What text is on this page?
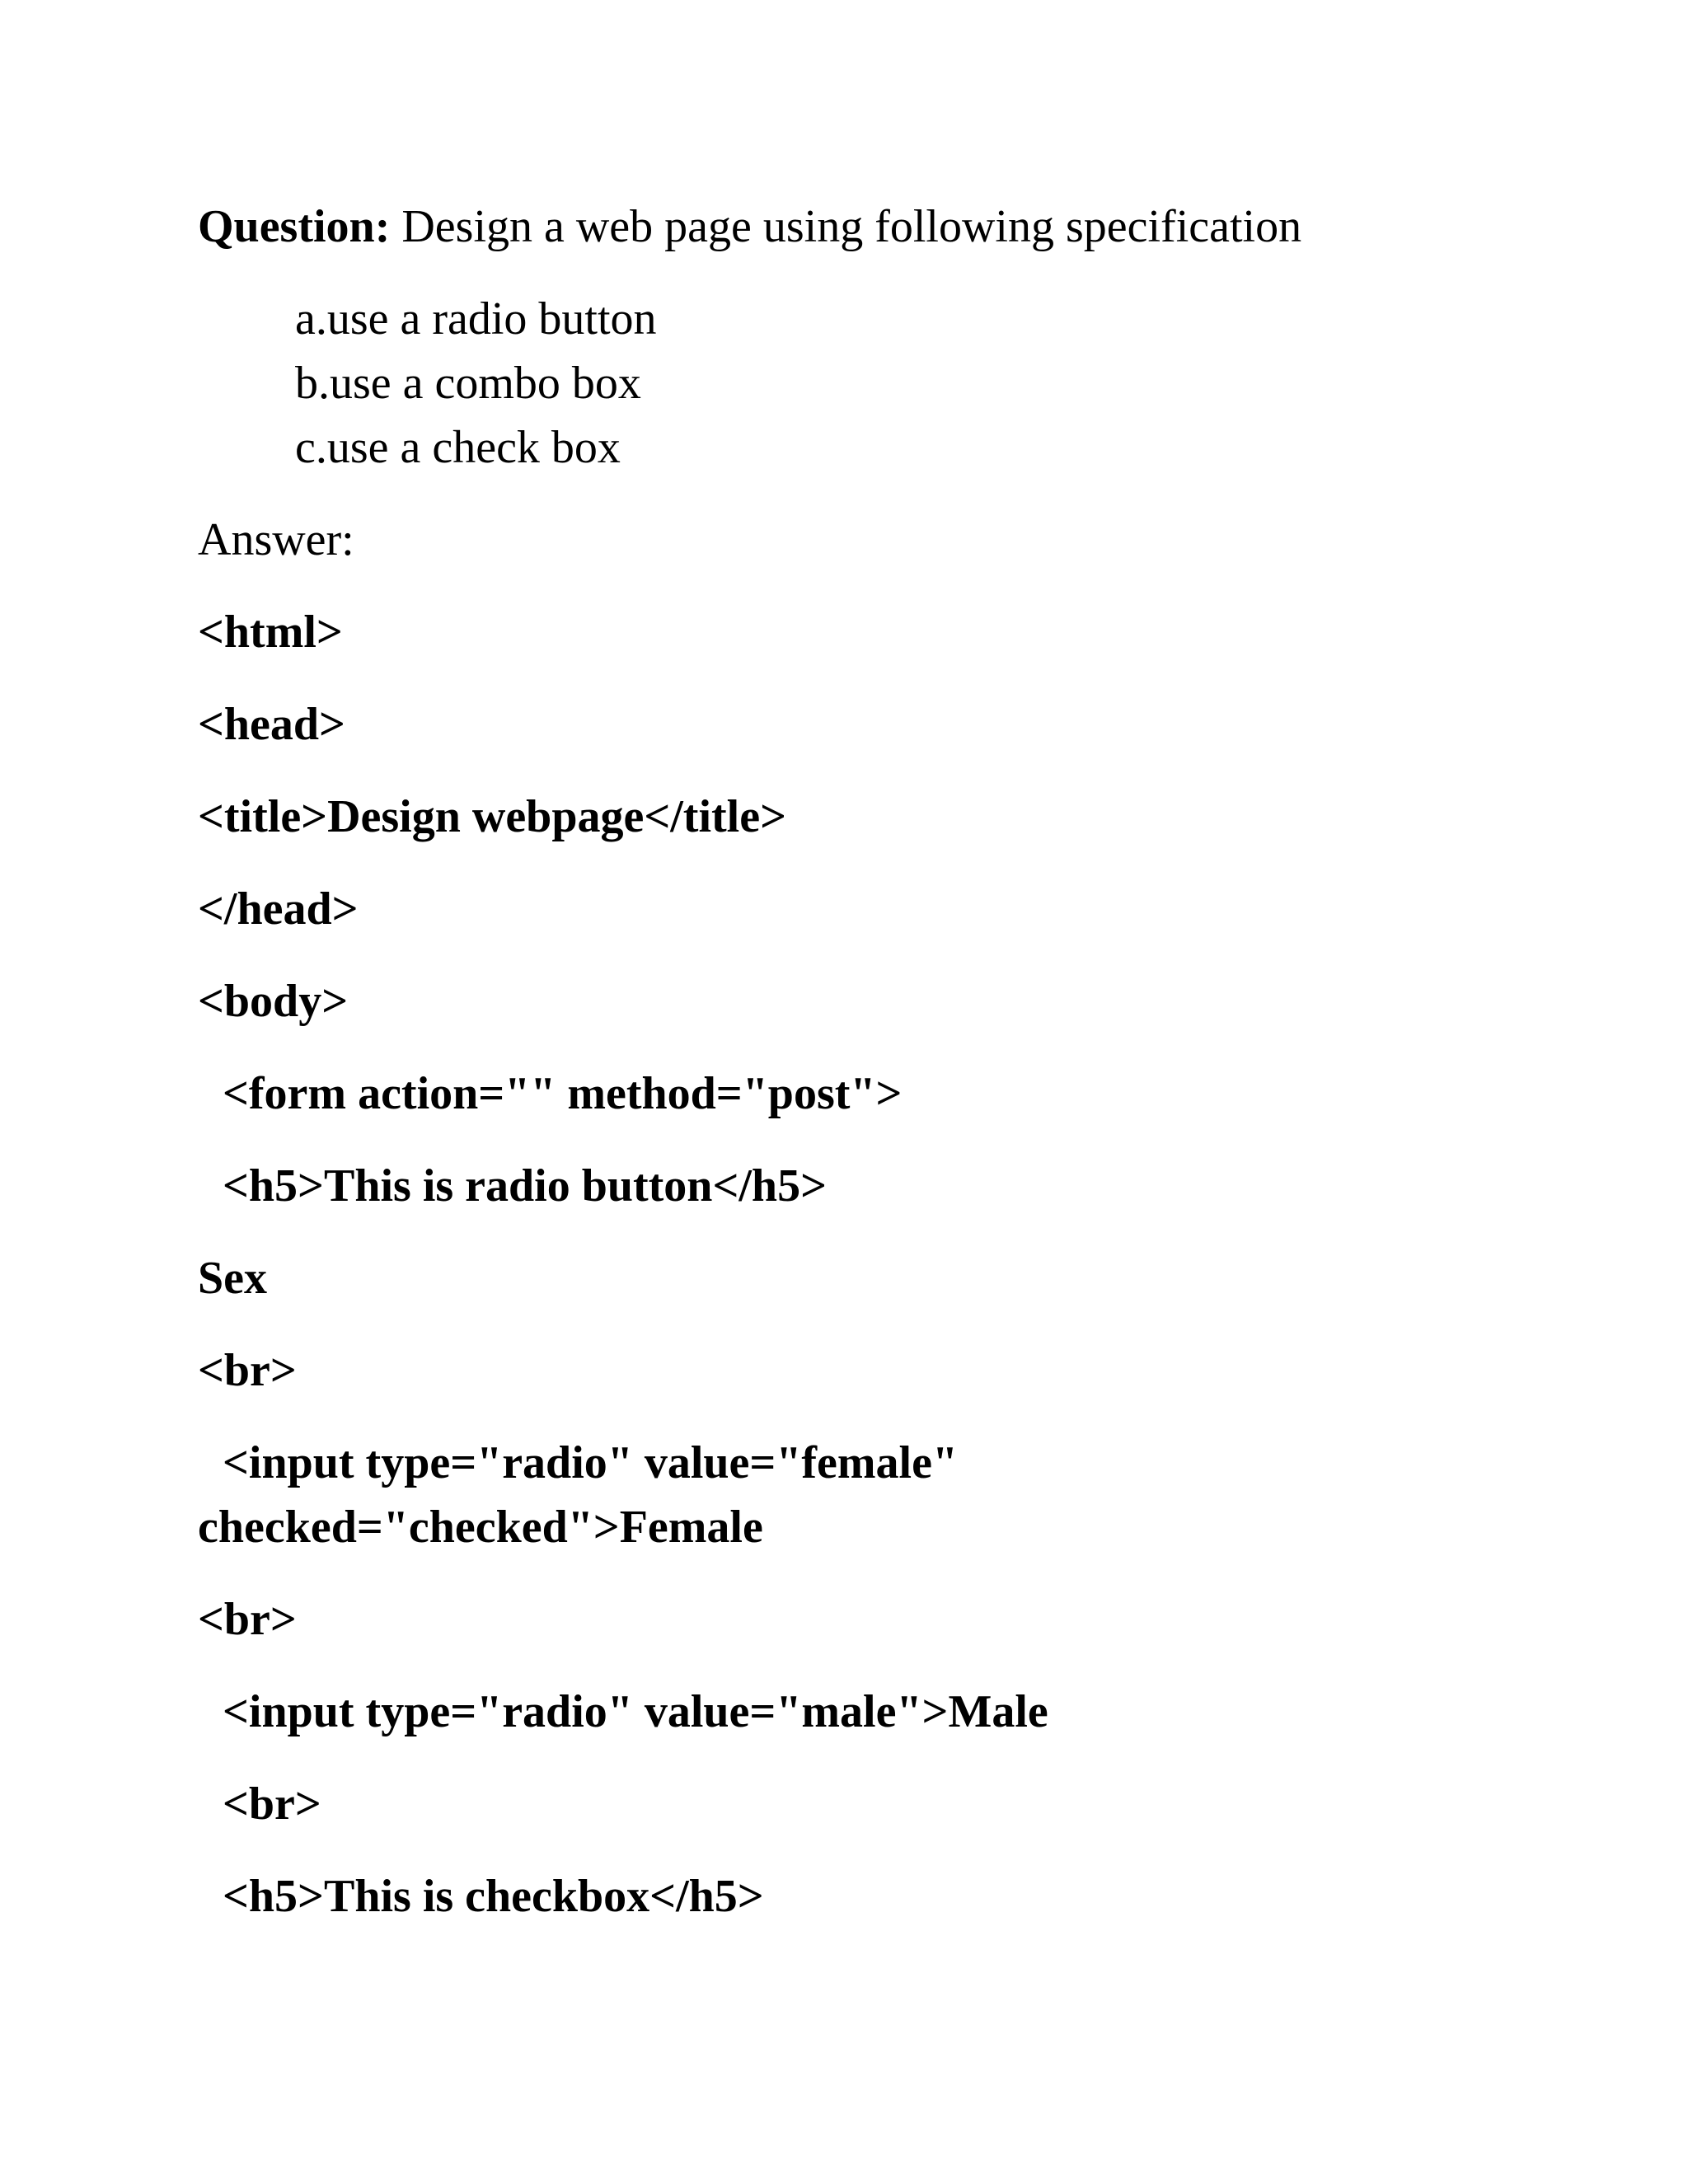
Question: Design a web page using following specification
a.use a radio button
b.use a combo box
c.use a check box
Answer:
<html>
<head>
<title>Design webpage</title>
</head>
<body>
<form action="" method="post">
<h5>This is radio button</h5>
Sex
<br>
<input type="radio" value="female"
checked="checked">Female
<br>
<input type="radio" value="male">Male
<br>
<h5>This is checkbox</h5>
